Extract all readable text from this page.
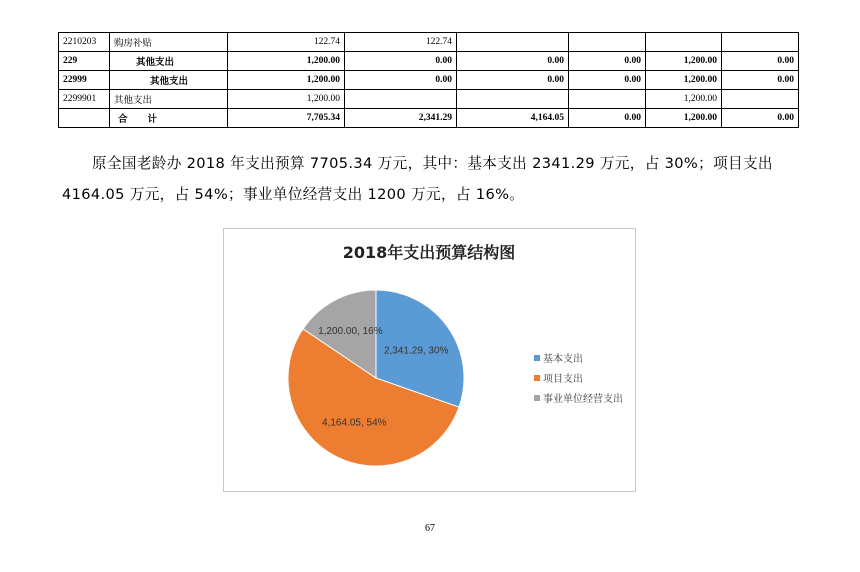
2210203	购房补贴	122.74	122.74				
229	其他支出	1,200.00	0.00	0.00	0.00	1,200.00	0.00
22999	其他支出	1,200.00	0.00	0.00	0.00	1,200.00	0.00
2299901	其他支出	1,200.00				1,200.00	
	合计	7,705.34	2,341.29	4,164.05	0.00	1,200.00	0.00

原全国老龄办 2018 年支出预算 7705.34 万元，其中：基本支出 2341.29 万元，占 30%；项目支出 4164.05 万元，占 54%；事业单位经营支出 1200 万元，占 16%。

2018年支出预算结构图
2,341.29, 30%
4,164.05, 54%
1,200.00, 16%
基本支出
项目支出
事业单位经营支出
67
